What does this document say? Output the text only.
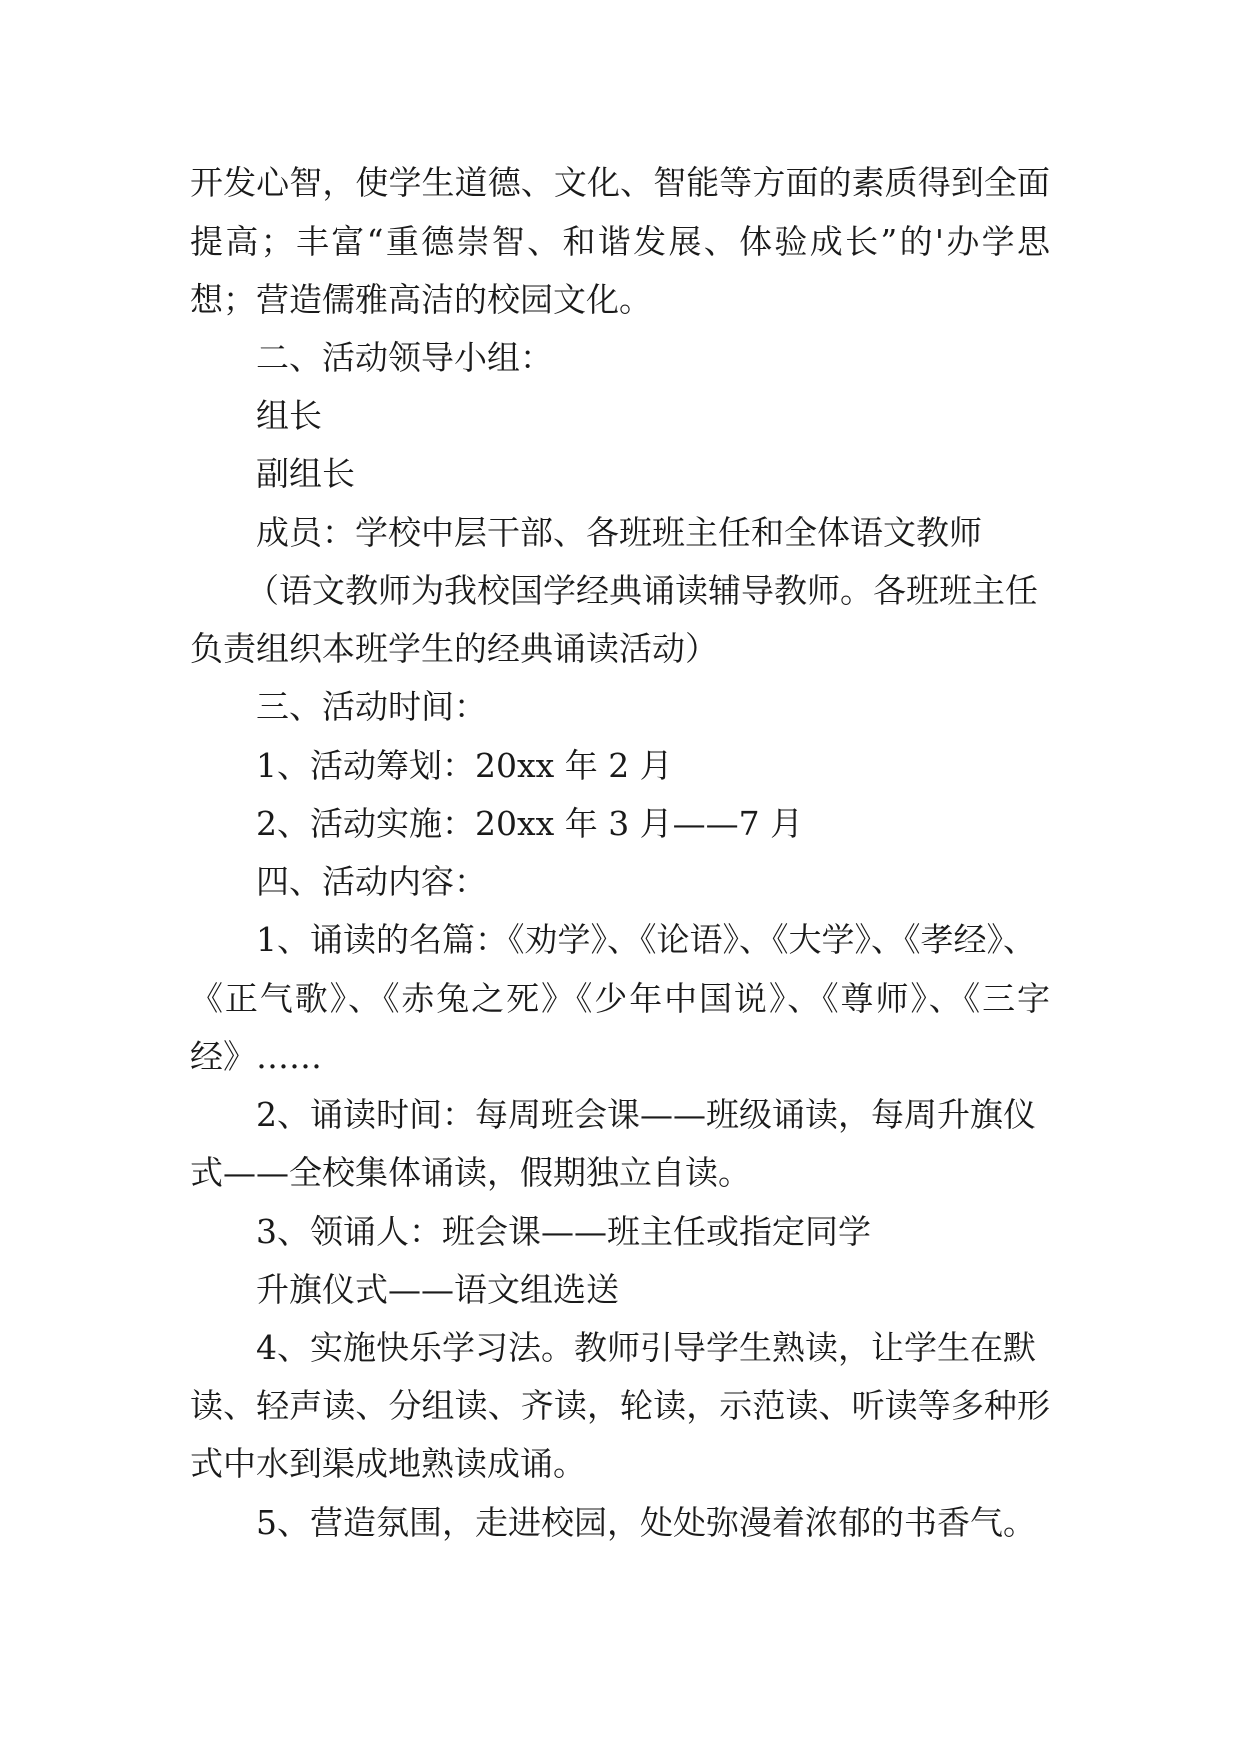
开发心智，使学生道德、文化、智能等方面的素质得到全面
提高；丰富“重德崇智、和谐发展、体验成长”的'办学思
想；营造儒雅高洁的校园文化。
二、活动领导小组：
组长
副组长
成员：学校中层干部、各班班主任和全体语文教师
（语文教师为我校国学经典诵读辅导教师。各班班主任
负责组织本班学生的经典诵读活动）
三、活动时间：
1、活动筹划：20xx 年 2 月
2、活动实施：20xx 年 3 月——7 月
四、活动内容：
1、诵读的名篇：《劝学》、《论语》、《大学》、《孝经》、
《正气歌》、《赤兔之死》《少年中国说》、《尊师》、《三字
经》……
2、诵读时间：每周班会课——班级诵读，每周升旗仪
式——全校集体诵读，假期独立自读。
3、领诵人：班会课——班主任或指定同学
升旗仪式——语文组选送
4、实施快乐学习法。教师引导学生熟读，让学生在默
读、轻声读、分组读、齐读，轮读，示范读、听读等多种形
式中水到渠成地熟读成诵。
5、营造氛围，走进校园，处处弥漫着浓郁的书香气。
